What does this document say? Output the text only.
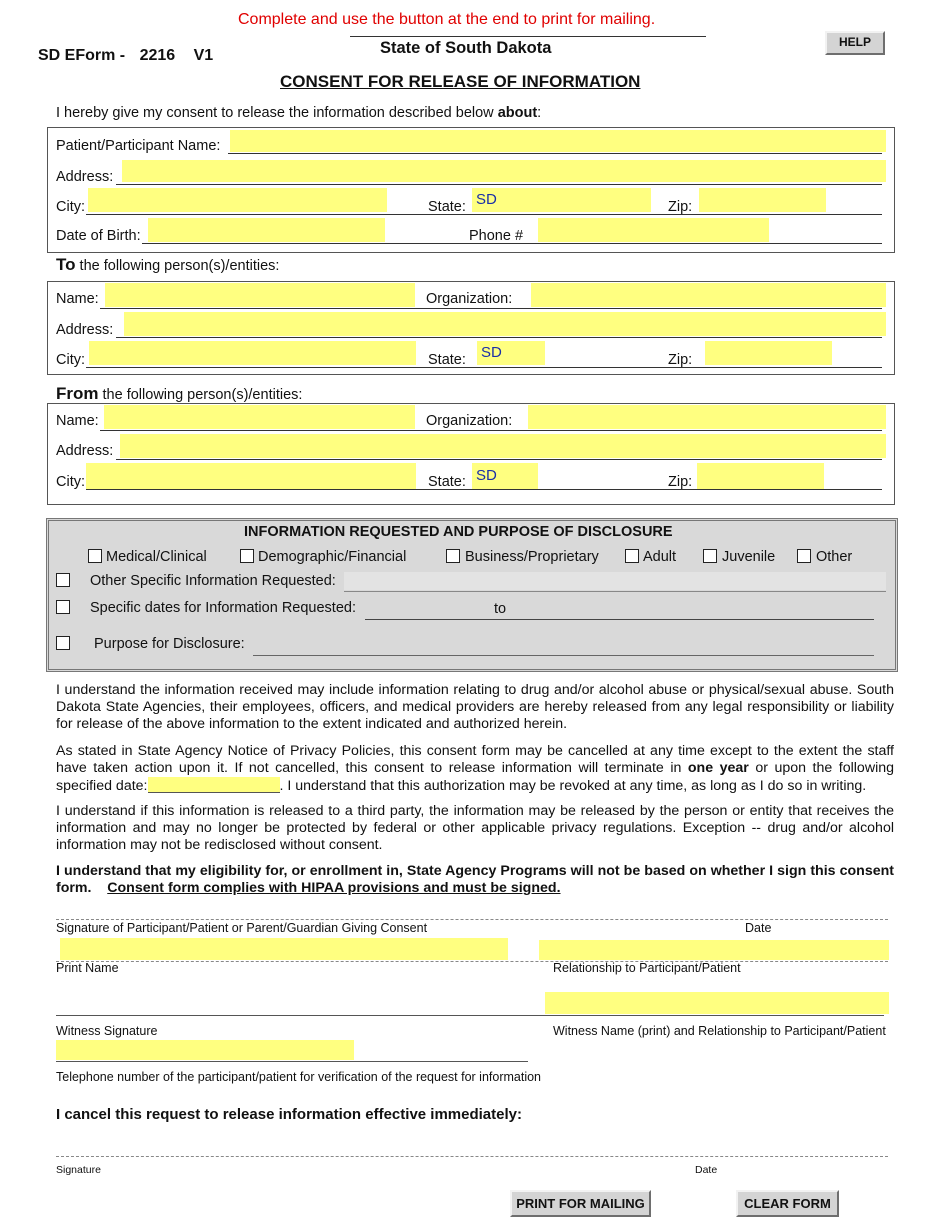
Complete and use the button at the end to print for mailing.
SD EForm - 2216 V1	State of South Dakota
CONSENT FOR RELEASE OF INFORMATION
HELP
I hereby give my consent to release the information described below about:
Patient/Participant Name:
Address:
City:	State: SD	Zip:
Date of Birth:	Phone #
To the following person(s)/entities:
Name:	Organization:
Address:
City:	State: SD	Zip:
From the following person(s)/entities:
Name:	Organization:
Address:
City:	State: SD	Zip:
INFORMATION REQUESTED AND PURPOSE OF DISCLOSURE
Medical/Clinical	Demographic/Financial	Business/Proprietary	Adult	Juvenile	Other
Other Specific Information Requested:
Specific dates for Information Requested:	to
Purpose for Disclosure:
I understand the information received may include information relating to drug and/or alcohol abuse or physical/sexual abuse. South Dakota State Agencies, their employees, officers, and medical providers are hereby released from any legal responsibility or liability for release of the above information to the extent indicated and authorized herein.
As stated in State Agency Notice of Privacy Policies, this consent form may be cancelled at any time except to the extent the staff have taken action upon it. If not cancelled, this consent to release information will terminate in one year or upon the following specified date:	. I understand that this authorization may be revoked at any time, as long as I do so in writing.
I understand if this information is released to a third party, the information may be released by the person or entity that receives the information and may no longer be protected by federal or other applicable privacy regulations. Exception -- drug and/or alcohol information may not be redisclosed without consent.
I understand that my eligibility for, or enrollment in, State Agency Programs will not be based on whether I sign this consent form. Consent form complies with HIPAA provisions and must be signed.
Signature of Participant/Patient or Parent/Guardian Giving Consent	Date
Print Name	Relationship to Participant/Patient
Witness Signature	Witness Name (print) and Relationship to Participant/Patient
Telephone number of the participant/patient for verification of the request for information
I cancel this request to release information effective immediately:
Signature	Date
PRINT FOR MAILING	CLEAR FORM
